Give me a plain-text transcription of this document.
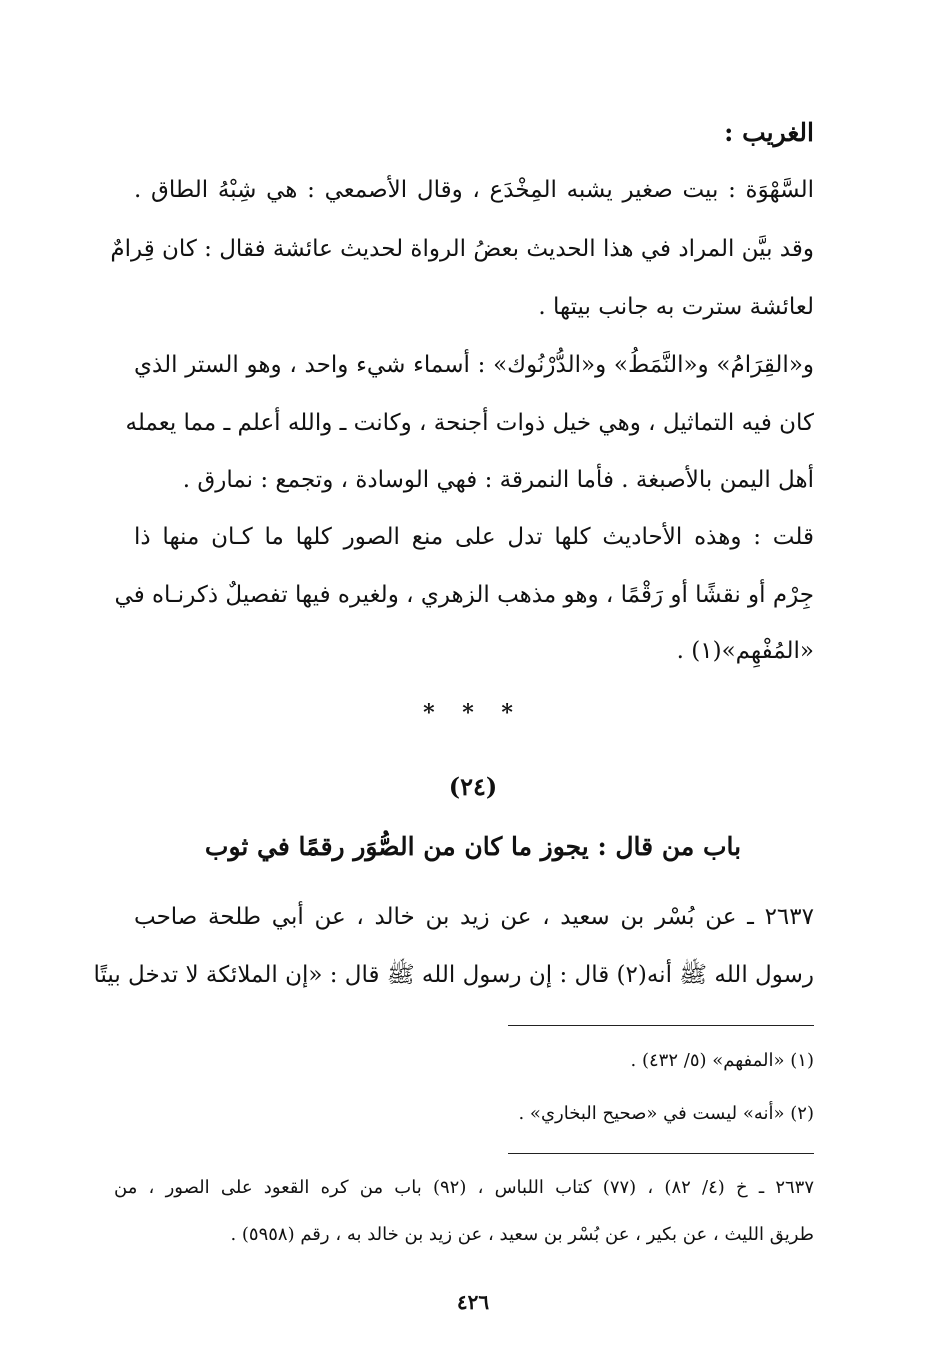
الغريب :
السَّهْوَة : بيت صغير يشبه المِخْدَع ، وقال الأصمعي : هي شِبْهُ الطاق .
وقد بيَّن المراد في هذا الحديث بعضُ الرواة لحديث عائشة فقال : كان قِرامٌ
لعائشة سترت به جانب بيتها .
و«القِرَامُ» و«النَّمَطُ» و«الدُّرْنُوك» : أسماء شيء واحد ، وهو الستر الذي
كان فيه التماثيل ، وهي خيل ذوات أجنحة ، وكانت ـ والله أعلم ـ مما يعمله
أهل اليمن بالأصبغة . فأما النمرقة : فهي الوسادة ، وتجمع : نمارق .
قلت : وهذه الأحاديث كلها تدل على منع الصور كلها ما كـان منها ذا
جِرْم أو نقشًا أو رَقْمًا ، وهو مذهب الزهري ، ولغيره فيها تفصيلٌ ذكرنـاه في
«المُفْهِم»(١) .
* * *
(٢٤)
باب من قال : يجوز ما كان من الصُّوَر رقمًا في ثوب
٢٦٣٧ ـ عن بُسْر بن سعيد ، عن زيد بن خالد ، عن أبي طلحة صاحب
رسول الله ﷺ أنه(٢) قال : إن رسول الله ﷺ قال : «إن الملائكة لا تدخل بيتًا
(١) «المفهم» (٥/ ٤٣٢) .
(٢) «أنه» ليست في «صحيح البخاري» .
٢٦٣٧ ـ خ (٤/ ٨٢) ، (٧٧) كتاب اللباس ، (٩٢) باب من كره القعود على الصور ، من
طريق الليث ، عن بكير ، عن بُسْر بن سعيد ، عن زيد بن خالد به ، رقم (٥٩٥٨) .
٤٢٦
